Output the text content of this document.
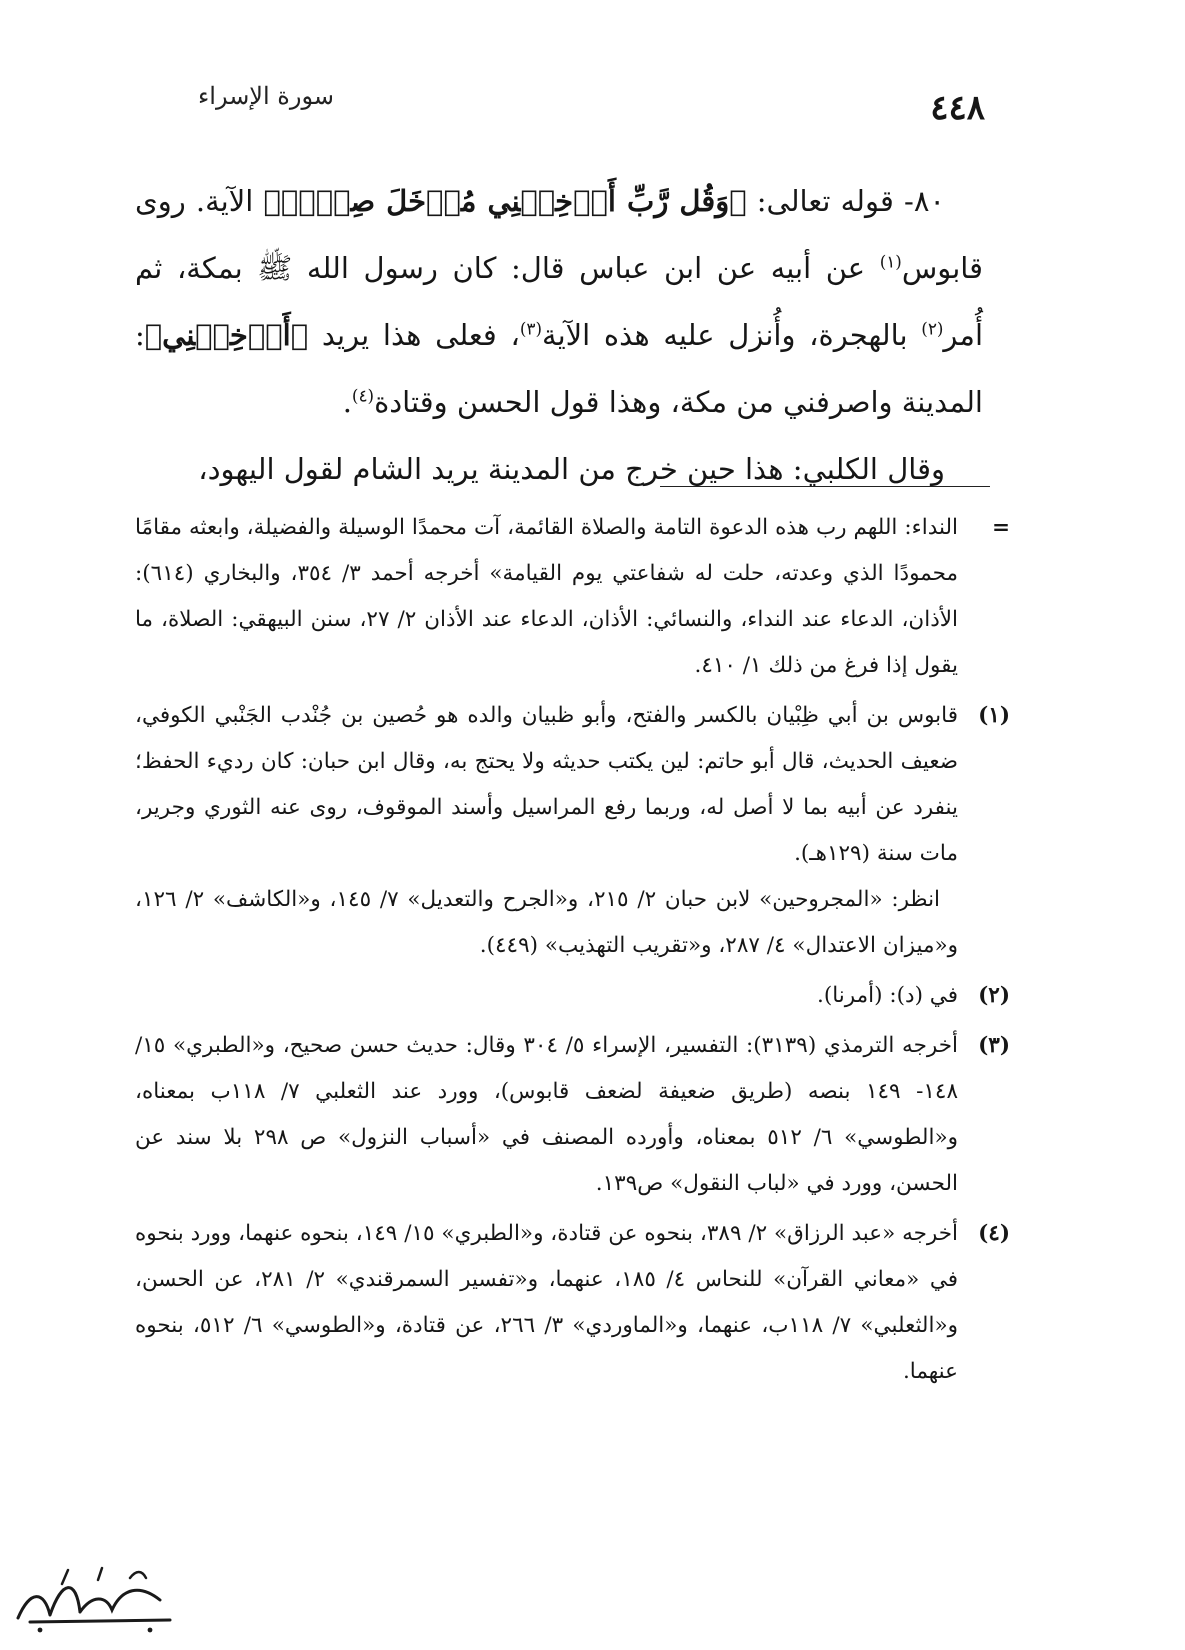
٤٤٨
سورة الإسراء

٨٠- قوله تعالى: ﴿وَقُل رَّبِّ أَدۡخِلۡنِي مُدۡخَلَ صِدۡقٖ﴾ الآية. روى قابوس$^{(١)}$ عن أبيه عن ابن عباس قال: كان رسول الله ﷺ بمكة، ثم أُمر$^{(٢)}$ بالهجرة، وأُنزل عليه هذه الآية$^{(٣)}$، فعلى هذا يريد ﴿أَدۡخِلۡنِي﴾: المدينة واصرفني من مكة، وهذا قول الحسن وقتادة$^{(٤)}$.

وقال الكلبي: هذا حين خرج من المدينة يريد الشام لقول اليهود،

=

النداء: اللهم رب هذه الدعوة التامة والصلاة القائمة، آت محمدًا الوسيلة والفضيلة، وابعثه مقامًا محمودًا الذي وعدته، حلت له شفاعتي يوم القيامة» أخرجه أحمد ٣/ ٣٥٤، والبخاري (٦١٤): الأذان، الدعاء عند النداء، والنسائي: الأذان، الدعاء عند الأذان ٢/ ٢٧، سنن البيهقي: الصلاة، ما يقول إذا فرغ من ذلك ١/ ٤١٠.

(١)

قابوس بن أبي ظِبْيان بالكسر والفتح، وأبو ظبيان والده هو حُصين بن جُنْدب الجَنْبي الكوفي، ضعيف الحديث، قال أبو حاتم: لين يكتب حديثه ولا يحتج به، وقال ابن حبان: كان رديء الحفظ؛ ينفرد عن أبيه بما لا أصل له، وربما رفع المراسيل وأسند الموقوف، روى عنه الثوري وجرير، مات سنة (١٢٩هـ).

انظر: «المجروحين» لابن حبان ٢/ ٢١٥، و«الجرح والتعديل» ٧/ ١٤٥، و«الكاشف» ٢/ ١٢٦، و«ميزان الاعتدال» ٤/ ٢٨٧، و«تقريب التهذيب» (٤٤٩).

(٢)

في (د): (أمرنا).

(٣)

أخرجه الترمذي (٣١٣٩): التفسير، الإسراء ٥/ ٣٠٤ وقال: حديث حسن صحيح، و«الطبري» ١٥/ ١٤٨- ١٤٩ بنصه (طريق ضعيفة لضعف قابوس)، وورد عند الثعلبي ٧/ ١١٨ب بمعناه، و«الطوسي» ٦/ ٥١٢ بمعناه، وأورده المصنف في «أسباب النزول» ص ٢٩٨ بلا سند عن الحسن، وورد في «لباب النقول» ص١٣٩.

(٤)

أخرجه «عبد الرزاق» ٢/ ٣٨٩، بنحوه عن قتادة، و«الطبري» ١٥/ ١٤٩، بنحوه عنهما، وورد بنحوه في «معاني القرآن» للنحاس ٤/ ١٨٥، عنهما، و«تفسير السمرقندي» ٢/ ٢٨١، عن الحسن، و«الثعلبي» ٧/ ١١٨ب، عنهما، و«الماوردي» ٣/ ٢٦٦، عن قتادة، و«الطوسي» ٦/ ٥١٢، بنحوه عنهما.
